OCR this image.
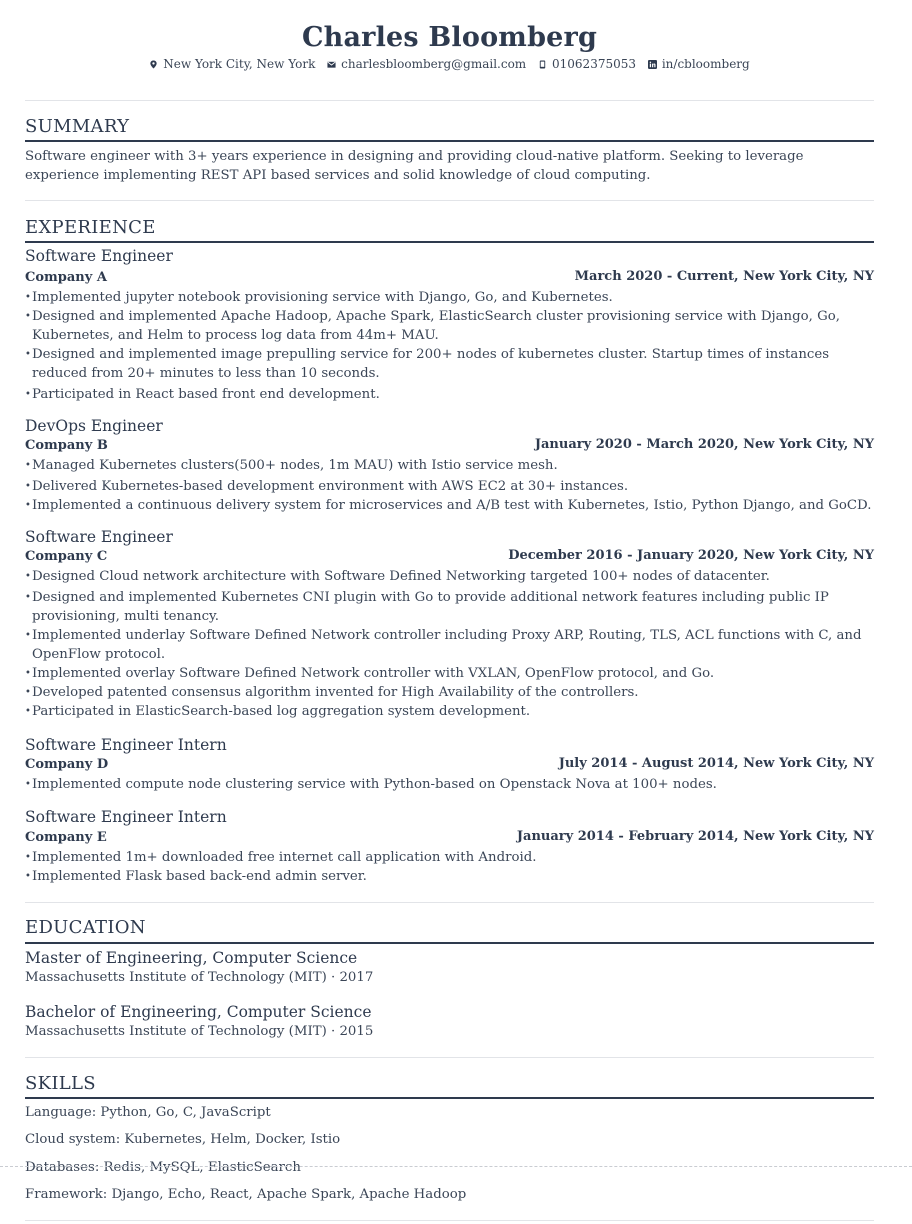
Charles Bloomberg
New York City, New York
charlesbloomberg@gmail.com
01062375053
in/cbloomberg
SUMMARY
Software engineer with 3+ years experience in designing and providing cloud-native platform. Seeking to leverage experience implementing REST API based services and solid knowledge of cloud computing.
EXPERIENCE
Software Engineer
Company A	March 2020 - Current, New York City, NY
• Implemented jupyter notebook provisioning service with Django, Go, and Kubernetes.
• Designed and implemented Apache Hadoop, Apache Spark, ElasticSearch cluster provisioning service with Django, Go, Kubernetes, and Helm to process log data from 44m+ MAU.
• Designed and implemented image prepulling service for 200+ nodes of kubernetes cluster. Startup times of instances reduced from 20+ minutes to less than 10 seconds.
• Participated in React based front end development.
DevOps Engineer
Company B	January 2020 - March 2020, New York City, NY
• Managed Kubernetes clusters(500+ nodes, 1m MAU) with Istio service mesh.
• Delivered Kubernetes-based development environment with AWS EC2 at 30+ instances.
• Implemented a continuous delivery system for microservices and A/B test with Kubernetes, Istio, Python Django, and GoCD.
Software Engineer
Company C	December 2016 - January 2020, New York City, NY
• Designed Cloud network architecture with Software Defined Networking targeted 100+ nodes of datacenter.
• Designed and implemented Kubernetes CNI plugin with Go to provide additional network features including public IP provisioning, multi tenancy.
• Implemented underlay Software Defined Network controller including Proxy ARP, Routing, TLS, ACL functions with C, and OpenFlow protocol.
• Implemented overlay Software Defined Network controller with VXLAN, OpenFlow protocol, and Go.
• Developed patented consensus algorithm invented for High Availability of the controllers.
• Participated in ElasticSearch-based log aggregation system development.
Software Engineer Intern
Company D	July 2014 - August 2014, New York City, NY
• Implemented compute node clustering service with Python-based on Openstack Nova at 100+ nodes.
Software Engineer Intern
Company E	January 2014 - February 2014, New York City, NY
• Implemented 1m+ downloaded free internet call application with Android.
• Implemented Flask based back-end admin server.
EDUCATION
Master of Engineering, Computer Science
Massachusetts Institute of Technology (MIT) · 2017
Bachelor of Engineering, Computer Science
Massachusetts Institute of Technology (MIT) · 2015
SKILLS
Language: Python, Go, C, JavaScript
Cloud system: Kubernetes, Helm, Docker, Istio
Databases: Redis, MySQL, ElasticSearch
Framework: Django, Echo, React, Apache Spark, Apache Hadoop
